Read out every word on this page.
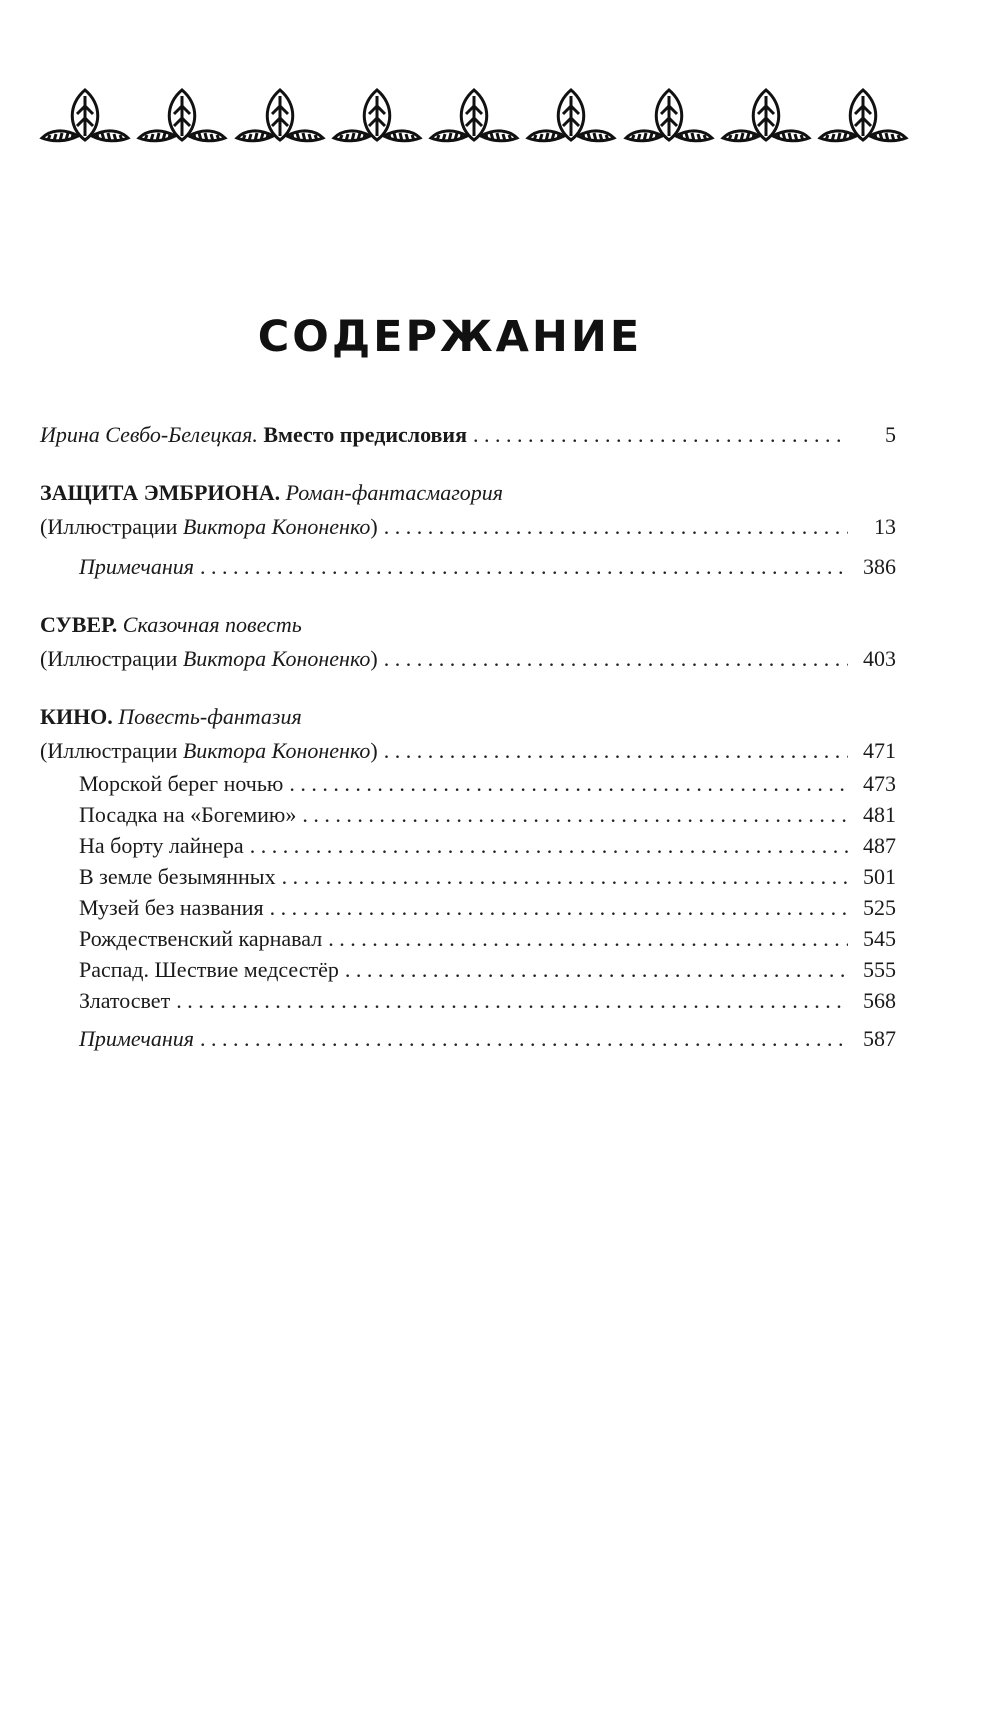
СОДЕРЖАНИЕ
Ирина Севбо-Белецкая. Вместо предисловия . . .	5
ЗАЩИТА ЭМБРИОНА. Роман-фантасмагория
(Иллюстрации Виктора Кононенко) . . .	13
Примечания . . .	386
СУВЕР. Сказочная повесть
(Иллюстрации Виктора Кононенко) . . .	403
КИНО. Повесть-фантазия
(Иллюстрации Виктора Кононенко) . . .	471
Морской берег ночью . . .	473
Посадка на «Богемию» . . .	481
На борту лайнера . . .	487
В земле безымянных . . .	501
Музей без названия . . .	525
Рождественский карнавал . . .	545
Распад. Шествие медсестёр . . .	555
Златосвет . . .	568
Примечания . . .	587
